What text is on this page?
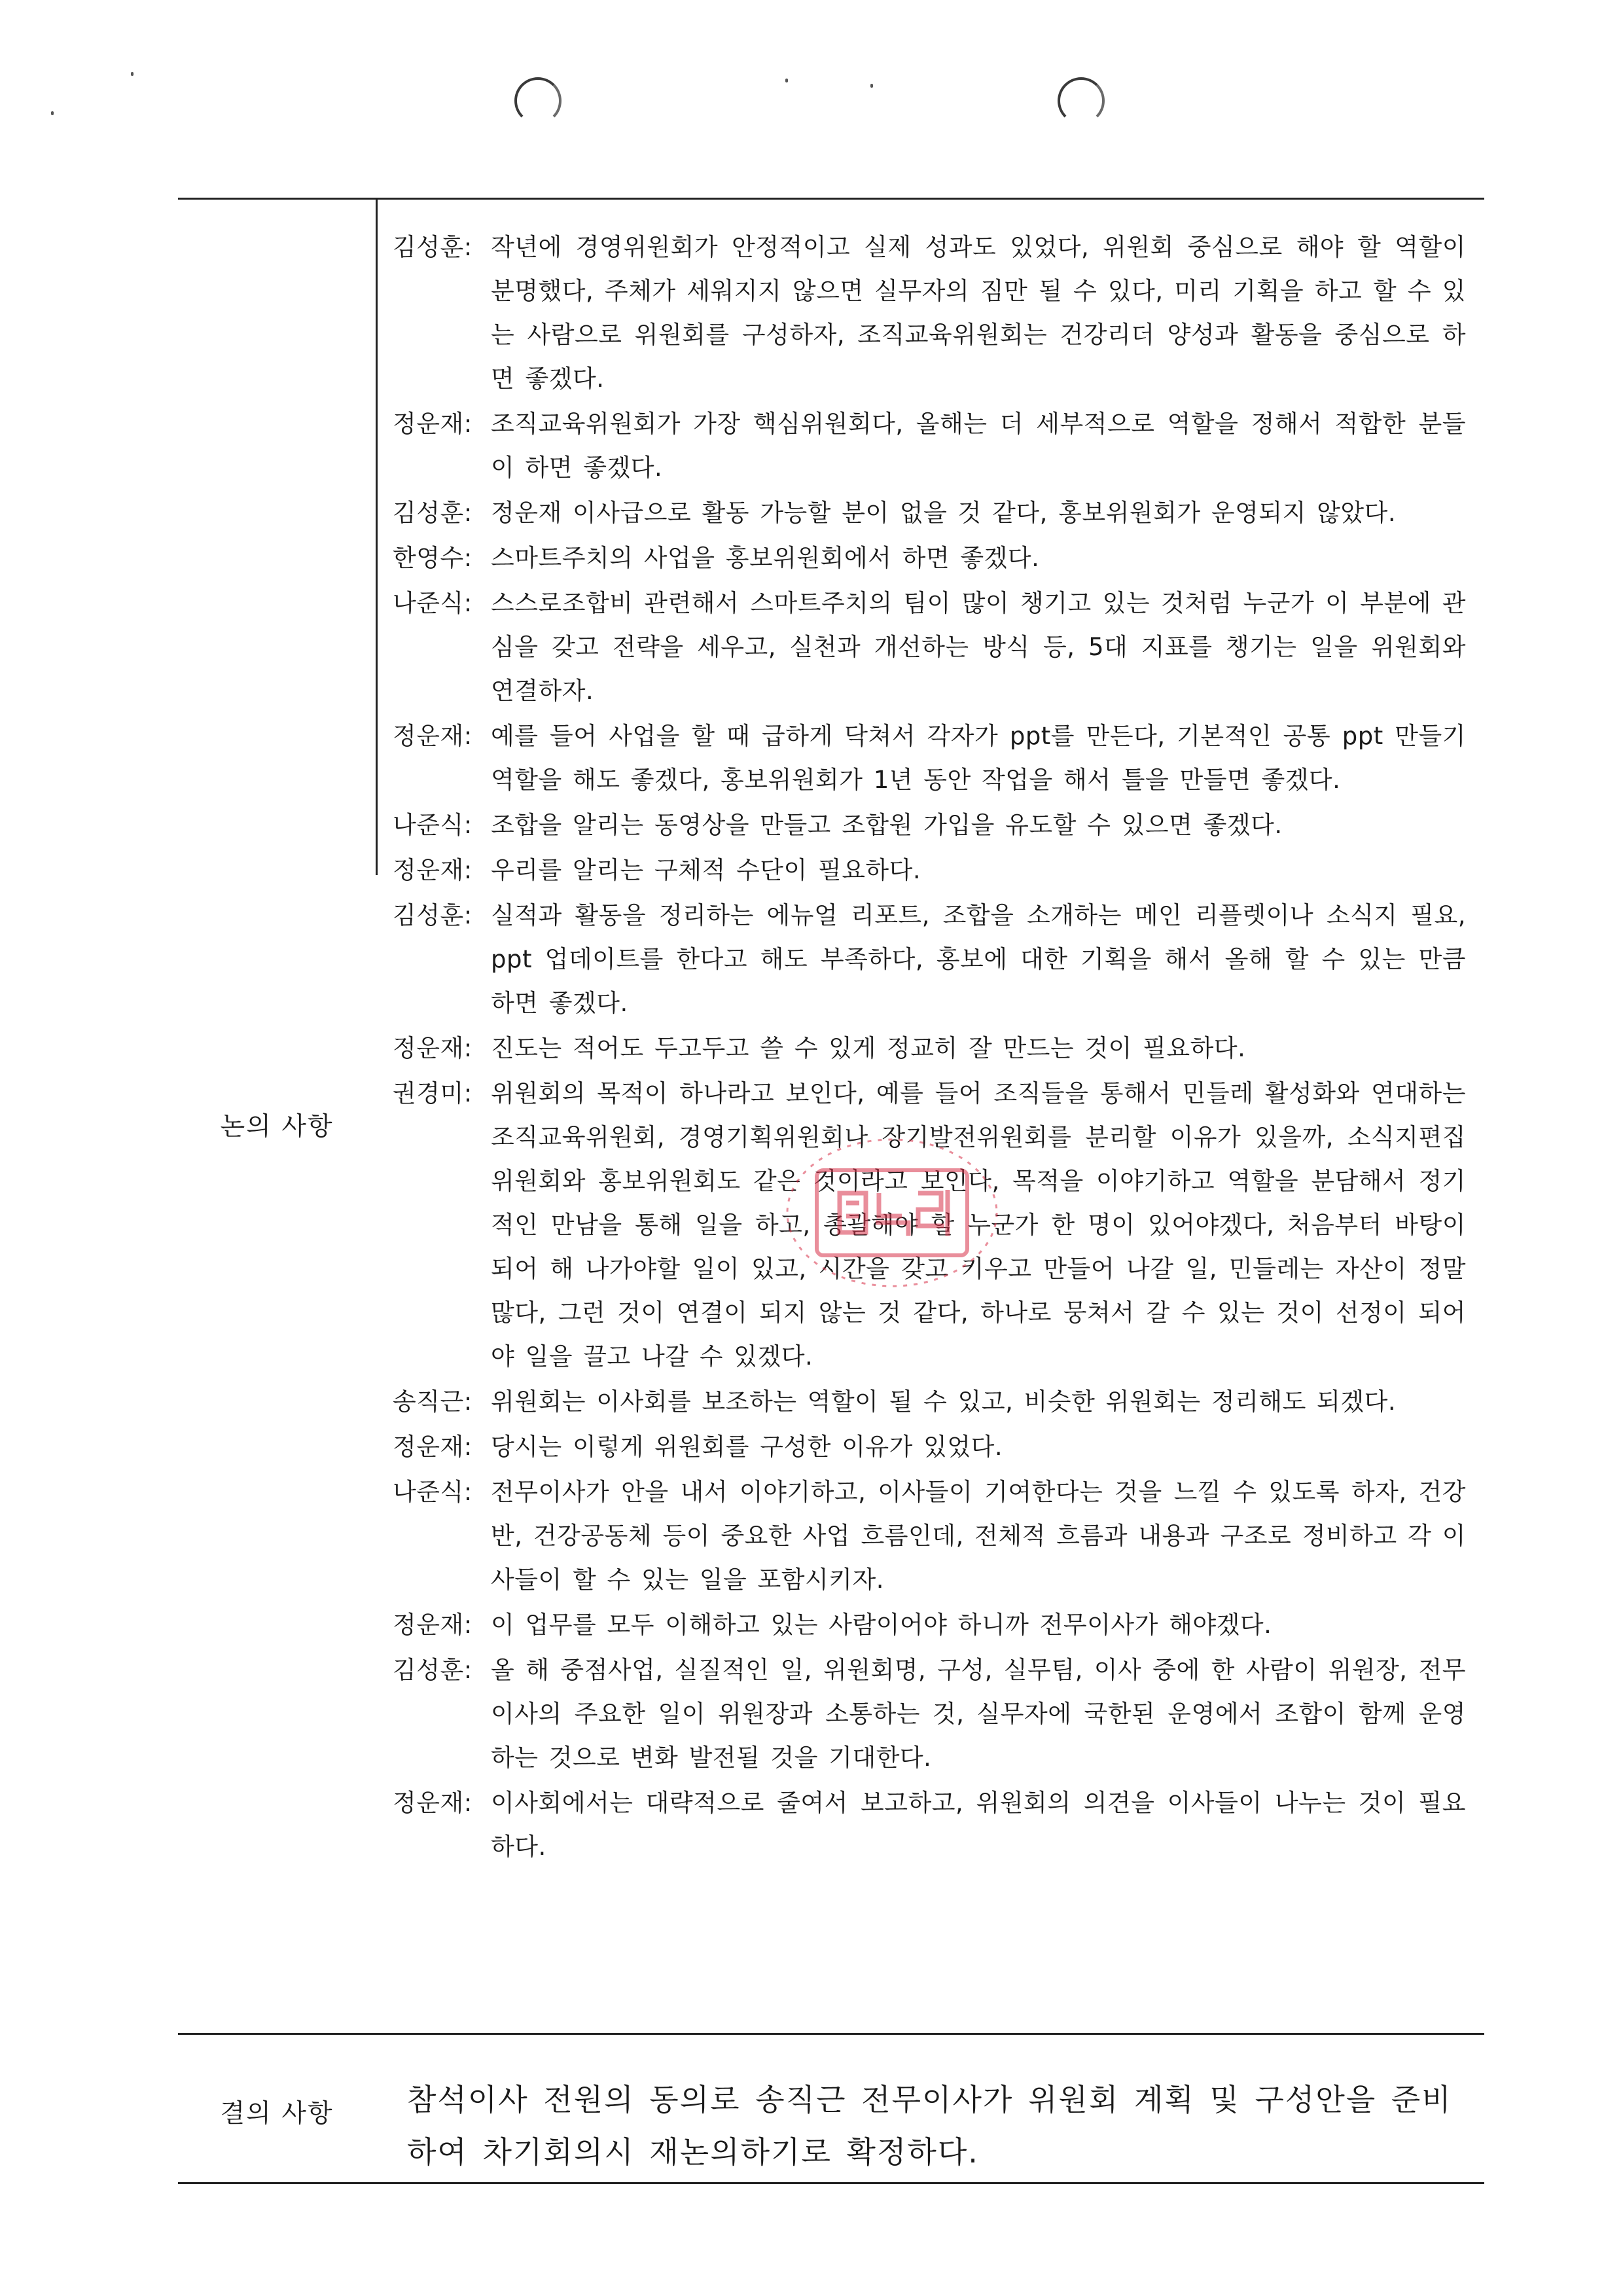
논의 사항
결의 사항
김성훈: 작년에 경영위원회가 안정적이고 실제 성과도 있었다, 위원회 중심으로 해야 할 역할이 분명했다, 주체가 세워지지 않으면 실무자의 짐만 될 수 있다, 미리 기획을 하고 할 수 있는 사람으로 위원회를 구성하자, 조직교육위원회는 건강리더 양성과 활동을 중심으로 하면 좋겠다.
정운재: 조직교육위원회가 가장 핵심위원회다, 올해는 더 세부적으로 역할을 정해서 적합한 분들이 하면 좋겠다.
김성훈: 정운재 이사급으로 활동 가능할 분이 없을 것 같다, 홍보위원회가 운영되지 않았다.
한영수: 스마트주치의 사업을 홍보위원회에서 하면 좋겠다.
나준식: 스스로조합비 관련해서 스마트주치의 팀이 많이 챙기고 있는 것처럼 누군가 이 부분에 관심을 갖고 전략을 세우고, 실천과 개선하는 방식 등, 5대 지표를 챙기는 일을 위원회와 연결하자.
정운재: 예를 들어 사업을 할 때 급하게 닥쳐서 각자가 ppt를 만든다, 기본적인 공통 ppt 만들기 역할을 해도 좋겠다, 홍보위원회가 1년 동안 작업을 해서 틀을 만들면 좋겠다.
나준식: 조합을 알리는 동영상을 만들고 조합원 가입을 유도할 수 있으면 좋겠다.
정운재: 우리를 알리는 구체적 수단이 필요하다.
김성훈: 실적과 활동을 정리하는 에뉴얼 리포트, 조합을 소개하는 메인 리플렛이나 소식지 필요, ppt 업데이트를 한다고 해도 부족하다, 홍보에 대한 기획을 해서 올해 할 수 있는 만큼 하면 좋겠다.
정운재: 진도는 적어도 두고두고 쓸 수 있게 정교히 잘 만드는 것이 필요하다.
권경미: 위원회의 목적이 하나라고 보인다, 예를 들어 조직들을 통해서 민들레 활성화와 연대하는 조직교육위원회, 경영기획위원회나 장기발전위원회를 분리할 이유가 있을까, 소식지편집위원회와 홍보위원회도 같은 것이라고 보인다, 목적을 이야기하고 역할을 분담해서 정기적인 만남을 통해 일을 하고, 총괄해야 할 누군가 한 명이 있어야겠다, 처음부터 바탕이 되어 해 나가야할 일이 있고, 시간을 갖고 키우고 만들어 나갈 일, 민들레는 자산이 정말 많다, 그런 것이 연결이 되지 않는 것 같다, 하나로 뭉쳐서 갈 수 있는 것이 선정이 되어야 일을 끌고 나갈 수 있겠다.
송직근: 위원회는 이사회를 보조하는 역할이 될 수 있고, 비슷한 위원회는 정리해도 되겠다.
정운재: 당시는 이렇게 위원회를 구성한 이유가 있었다.
나준식: 전무이사가 안을 내서 이야기하고, 이사들이 기여한다는 것을 느낄 수 있도록 하자, 건강반, 건강공동체 등이 중요한 사업 흐름인데, 전체적 흐름과 내용과 구조로 정비하고 각 이사들이 할 수 있는 일을 포함시키자.
정운재: 이 업무를 모두 이해하고 있는 사람이어야 하니까 전무이사가 해야겠다.
김성훈: 올 해 중점사업, 실질적인 일, 위원회명, 구성, 실무팀, 이사 중에 한 사람이 위원장, 전무이사의 주요한 일이 위원장과 소통하는 것, 실무자에 국한된 운영에서 조합이 함께 운영하는 것으로 변화 발전될 것을 기대한다.
정운재: 이사회에서는 대략적으로 줄여서 보고하고, 위원회의 의견을 이사들이 나누는 것이 필요하다.
참석이사 전원의 동의로 송직근 전무이사가 위원회 계획 및 구성안을 준비하여 차기회의시 재논의하기로 확정하다.
